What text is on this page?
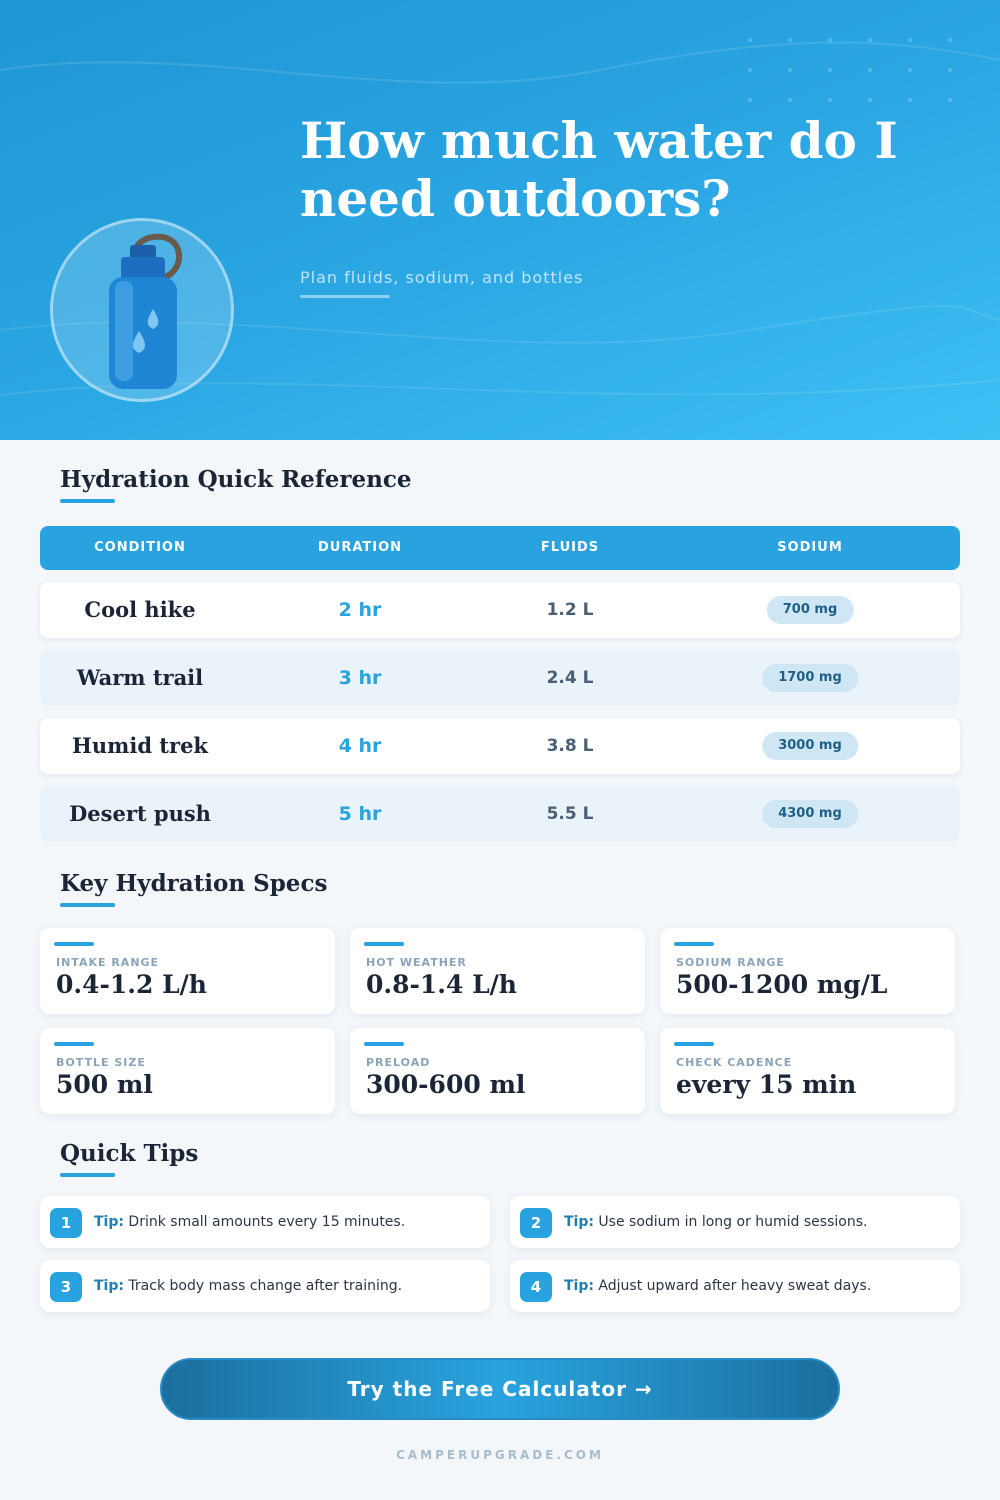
How much water do I need outdoors?
Plan fluids, sodium, and bottles
Hydration Quick Reference
CONDITION	DURATION	FLUIDS	SODIUM
Cool hike	2 hr	1.2 L	700 mg
Warm trail	3 hr	2.4 L	1700 mg
Humid trek	4 hr	3.8 L	3000 mg
Desert push	5 hr	5.5 L	4300 mg
Key Hydration Specs
INTAKE RANGE
0.4-1.2 L/h
HOT WEATHER
0.8-1.4 L/h
SODIUM RANGE
500-1200 mg/L
BOTTLE SIZE
500 ml
PRELOAD
300-600 ml
CHECK CADENCE
every 15 min
Quick Tips
1	Tip: Drink small amounts every 15 minutes.	2	Tip: Use sodium in long or humid sessions.
3	Tip: Track body mass change after training.	4	Tip: Adjust upward after heavy sweat days.
Try the Free Calculator →
CAMPERUPGRADE.COM
